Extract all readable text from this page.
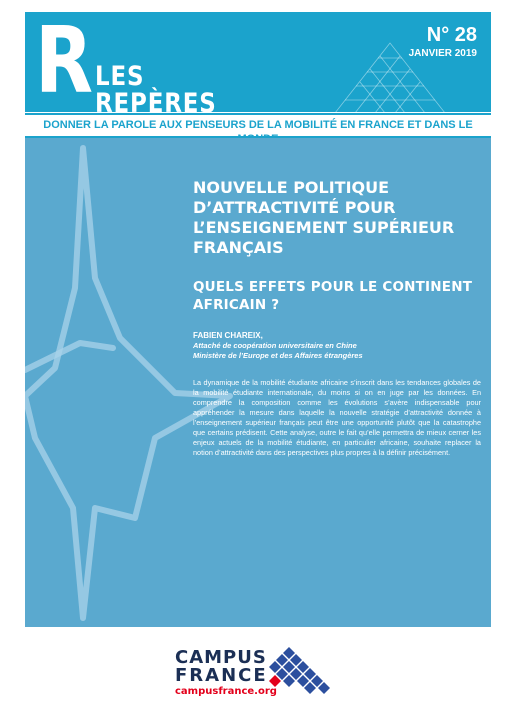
R LES
REPÈRES
N° 28
JANVIER 2019
DONNER LA PAROLE AUX PENSEURS DE LA MOBILITÉ EN FRANCE ET DANS LE
NOUVELLE POLITIQUE D’ATTRACTIVITÉ POUR L’ENSEIGNEMENT SUPÉRIEUR FRANÇAIS
QUELS EFFETS POUR LE CONTINENT AFRICAIN ?
FABIEN CHAREIX,
Attaché de coopération universitaire en Chine
Ministère de l’Europe et des Affaires étrangères

La dynamique de la mobilité étudiante africaine s’inscrit dans les tendances globales de la mobilité étudiante internationale, du moins si on en juge par les données. En comprendre la composition comme les évolutions s’avère indispensable pour appréhender la mesure dans laquelle la nouvelle stratégie d’attractivité donnée à l’enseignement supérieur français peut être une opportunité plutôt que la catastrophe que certains prédisent. Cette analyse, outre le fait qu’elle permettra de mieux cerner les enjeux actuels de la mobilité étudiante, en particulier africaine, souhaite replacer la notion d’attractivité dans des perspectives plus propres à la définir précisément.

CAMPUS
FRANCE
campusfrance.org
